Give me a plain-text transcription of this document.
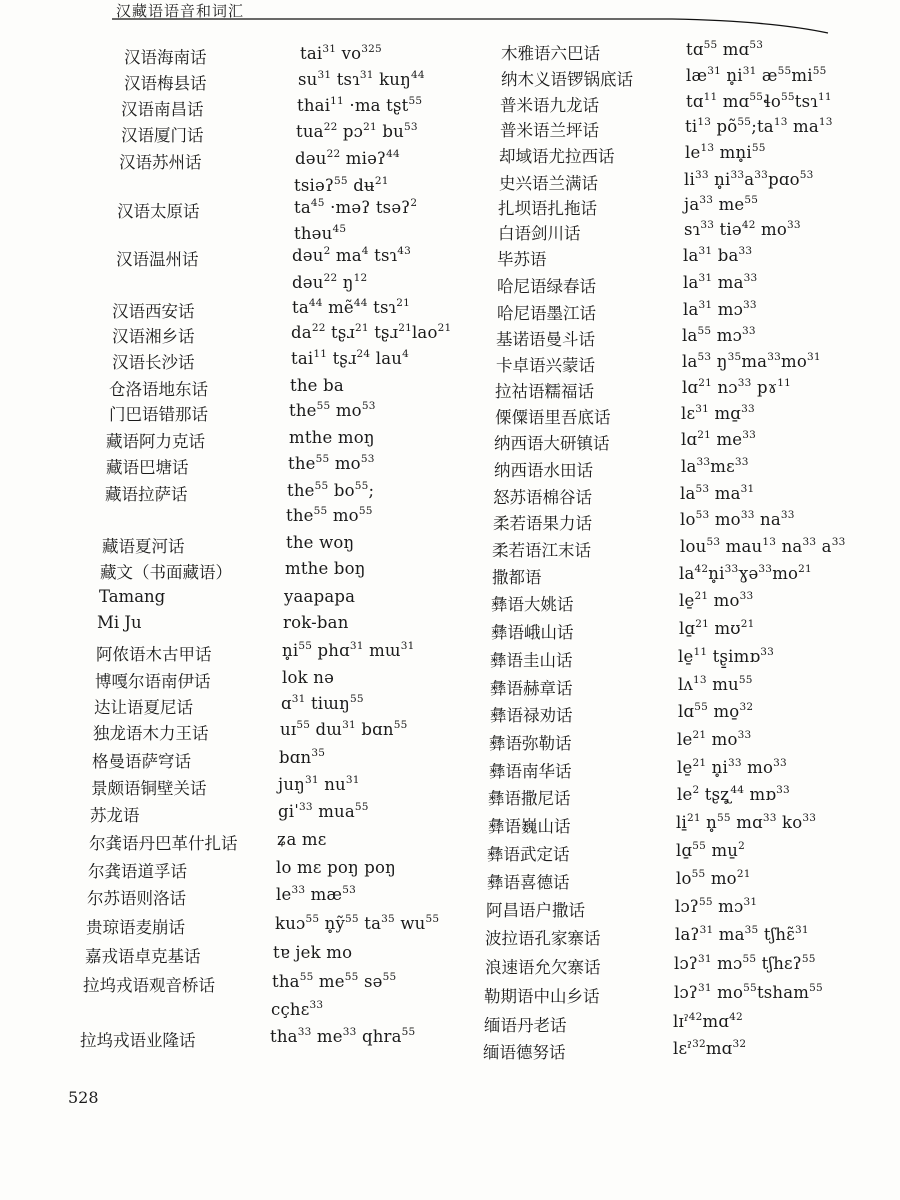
汉藏语语音和词汇
汉语海南话	tai$^{31}$ $vo^{325}$
汉语梅县话	$su^{31}$ tsɿ$^{31}$ kuŋ$^{44}$
汉语南昌话	thai$^{11}$ ·ma tʂt$^{55}$
汉语厦门话	tua$^{22}$ pɔ$^{21}$ $bu^{53}$
汉语苏州话	dəu$^{22}$ miəʔ$^{44}$
tsiəʔ$^{55}$ dʉ$^{21}$
汉语太原话	$ta^{45}$ ·məʔ tsəʔ$^2$
thəu$^{45}$
汉语温州话	dəu$^2$ $ma^4$ tsɿ$^{43}$
dəu$^{22}$ $ŋ^{12}$
汉语西安话	$ta^{44}$ mẽ$^{44}$ tsɿ$^{21}$
汉语湘乡话	$da^{22}$ tʂɹ$^{21}$ tʂɹ$^{21}$lao$^{21}$
汉语长沙话	tai$^{11}$ tʂɹ$^{24}$ lau$^4$
仓洛语地东话	the ba
门巴语错那话	the$^{55}$ $mo^{53}$
藏语阿力克话	mthe moŋ
藏语巴塘话	the$^{55}$ $mo^{53}$
藏语拉萨话	the$^{55}$ $bo^{55}$;
the$^{55}$ $mo^{55}$
藏语夏河话	the woŋ
藏文（书面藏语）	mthe boŋ
Tamang	yaapapa
Mi Ju	rok-ban
阿侬语木古甲话	$n̥i^{55}$ phɑ$^{31}$ mɯ$^{31}$
博嘎尔语南伊话	lok nə
达让语夏尼话	ɑ$^{31}$ tiɯŋ$^{55}$
独龙语木力王话	uɪ$^{55}$ dɯ$^{31}$ bɑn$^{55}$
格曼语萨穹话	bɑn$^{35}$
景颇语铜壁关话	juŋ$^{31}$ $nu^{31}$
苏龙语	giˈ$^{33}$ mua$^{55}$
尔龚语丹巴革什扎话 ʑa mɛ
尔龚语道孚话	lo mɛ poŋ poŋ
尔苏语则洛话	$le^{33}$ $mæ^{53}$
贵琼语麦崩话	kuɔ$^{55}$ n̥ỹ$^{55}$ $ta^{35}$ $wu^{55}$
嘉戎语卓克基话	tɐ jek mo
拉坞戎语观音桥话	tha$^{55}$ $me^{55}$ sə$^{55}$
cçhɛ$^{33}$
拉坞戎语业隆话	tha$^{33}$ $me^{33}$ qhra$^{55}$
木雅语六巴话	tɑ$^{55}$ mɑ$^{53}$
纳木义语锣锅底话	$læ^{31}$ $n̥i^{31}$ $æ^{55}mi^{55}$
普米语九龙话	tɑ$^{11}$ mɑ$^{55}$ɬo$^{55}$tsɿ$^{11}$
普米语兰坪话	$ti^{13}$ $põ^{55};ta^{13}$ $ma^{13}$
却域语尤拉西话	$le^{13}$ $mn̥i^{55}$
史兴语兰满话	$li^{33}$ $n̥i^{33}a^{33}pɑo^{53}$
扎坝语扎拖话	$ja^{33}$ $me^{55}$
白语剑川话	sɿ$^{33}$ tiə$^{42}$ $mo^{33}$
毕苏语	$la^{31}$ $ba^{33}$
哈尼语绿春话	$la^{31}$ $ma^{33}$
哈尼语墨江话	$la^{31}$ mɔ$^{33}$
基诺语曼斗话	$la^{55}$ mɔ$^{33}$
卡卓语兴蒙话	$la^{53}$ $ŋ^{35}ma^{33}mo^{31}$
拉祜语糯福话	lɑ$^{21}$ nɔ$^{33}$ pɤ$^{11}$
傈僳语里吾底话	lɛ$^{31}$ mɑ̱$^{33}$
纳西语大研镇话	lɑ$^{21}$ $me^{33}$
纳西语水田话	$la^{33}mɛ^{33}$
怒苏语棉谷话	$la^{53}$ $ma^{31}$
柔若语果力话	$lo^{53}$ $mo^{33}$ $na^{33}$
柔若语江末话	lou$^{53}$ mau$^{13}$ $na^{33}$ $a^{33}$
撒都语	$la^{42}n̥i^{33}ɣə^{33}mo^{21}$
彝语大姚话	le̱$^{21}$ $mo^{33}$
彝语峨山话	lɑ̱$^{21}$ mʊ$^{21}$
彝语圭山话	le̱$^{11}$ tʂ̱imɒ$^{33}$
彝语赫章话	lʌ$^{13}$ $mu^{55}$
彝语禄劝话	lɑ$^{55}$ mo̱$^{32}$
彝语弥勒话	$le^{21}$ $mo^{33}$
彝语南华话	le̱$^{21}$ $n̥i^{33}$ $mo^{33}$
彝语撒尼话	$le^2$ tʂʐ̥$^{44}$ mɒ$^{33}$
彝语巍山话	li̱$^{21}$ n̥$^{55}$ mɑ$^{33}$ $ko^{33}$
彝语武定话	lɑ̱$^{55}$ mu̱$^2$
彝语喜德话	$lo^{55}$ $mo^{21}$
阿昌语户撒话	lɔʔ$^{55}$ mɔ$^{31}$
波拉语孔家寨话	laʔ$^{31}$ $ma^{35}$ tʃhɛ̃$^{31}$
浪速语允欠寨话	lɔʔ$^{31}$ mɔ$^{55}$ tʃhɛʔ$^{55}$
勒期语中山乡话	lɔʔ$^{31}$ $mo^{55}tsham^{55}$
缅语丹老话	lɪˀ$^{42}$mɑ$^{42}$
缅语德努话	lɛˀ$^{32}$mɑ$^{32}$
528
